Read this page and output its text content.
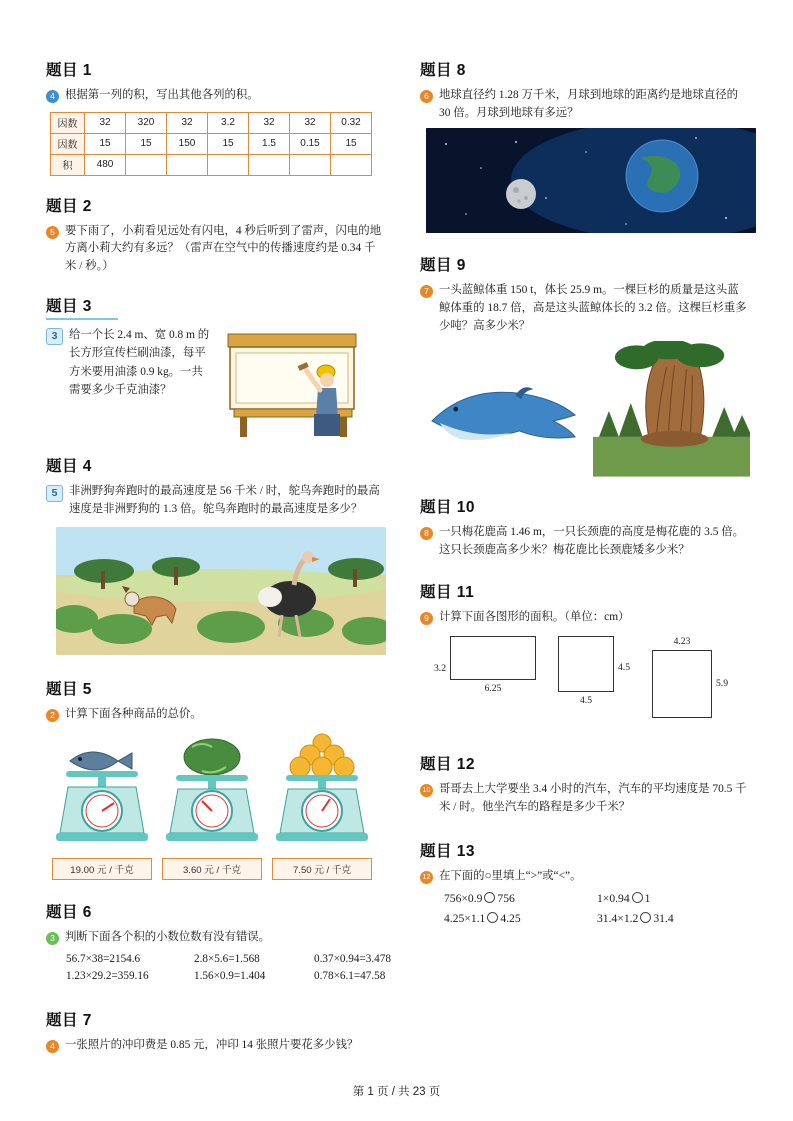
题目 1
4 根据第一列的积，写出其他各列的积。
因数	32	320	32	3.2	32	32	0.32
因数	15	15	150	15	1.5	0.15	15
积	480						
题目 2
5 要下雨了，小莉看见远处有闪电，4 秒后听到了雷声，闪电的地方离小莉大约有多远？（雷声在空气中的传播速度约是 0.34 千米 / 秒。）
题目 3
3	给一个长 2.4 m、宽 0.8 m 的长方形宣传栏刷油漆，每平方米要用油漆 0.9 kg。一共需要多少千克油漆？
题目 4
5	非洲野狗奔跑时的最高速度是 56 千米 / 时，鸵鸟奔跑时的最高速度是非洲野狗的 1.3 倍。鸵鸟奔跑时的最高速度是多少？
题目 5
2 计算下面各种商品的总价。
19.00 元 / 千克	3.60 元 / 千克	7.50 元 / 千克
题目 6
3 判断下面各个积的小数位数有没有错误。
56.7×38=2154.6	2.8×5.6=1.568	0.37×0.94=3.478
1.23×29.2=359.16	1.56×0.9=1.404	0.78×6.1=47.58
题目 7
4 一张照片的冲印费是 0.85 元，冲印 14 张照片要花多少钱？
题目 8
6 地球直径约 1.28 万千米，月球到地球的距离约是地球直径的 30 倍。月球到地球有多远？
题目 9
7 一头蓝鲸体重 150 t，体长 25.9 m。一棵巨杉的质量是这头蓝鲸体重的 18.7 倍，高是这头蓝鲸体长的 3.2 倍。这棵巨杉重多少吨？高多少米？
题目 10
8 一只梅花鹿高 1.46 m，一只长颈鹿的高度是梅花鹿的 3.5 倍。这只长颈鹿高多少米？梅花鹿比长颈鹿矮多少米？
题目 11
9 计算下面各图形的面积。（单位：cm）
3.2
6.25
4.5
4.5
4.23
5.9
题目 12
10 哥哥去上大学要坐 3.4 小时的汽车，汽车的平均速度是 70.5 千米 / 时。他坐汽车的路程是多少千米？
题目 13
12 在下面的○里填上“>”或“<”。
756×0.9 756	1×0.94 1
4.25×1.1 4.25	31.4×1.2 31.4
第 1 页 / 共 23 页
